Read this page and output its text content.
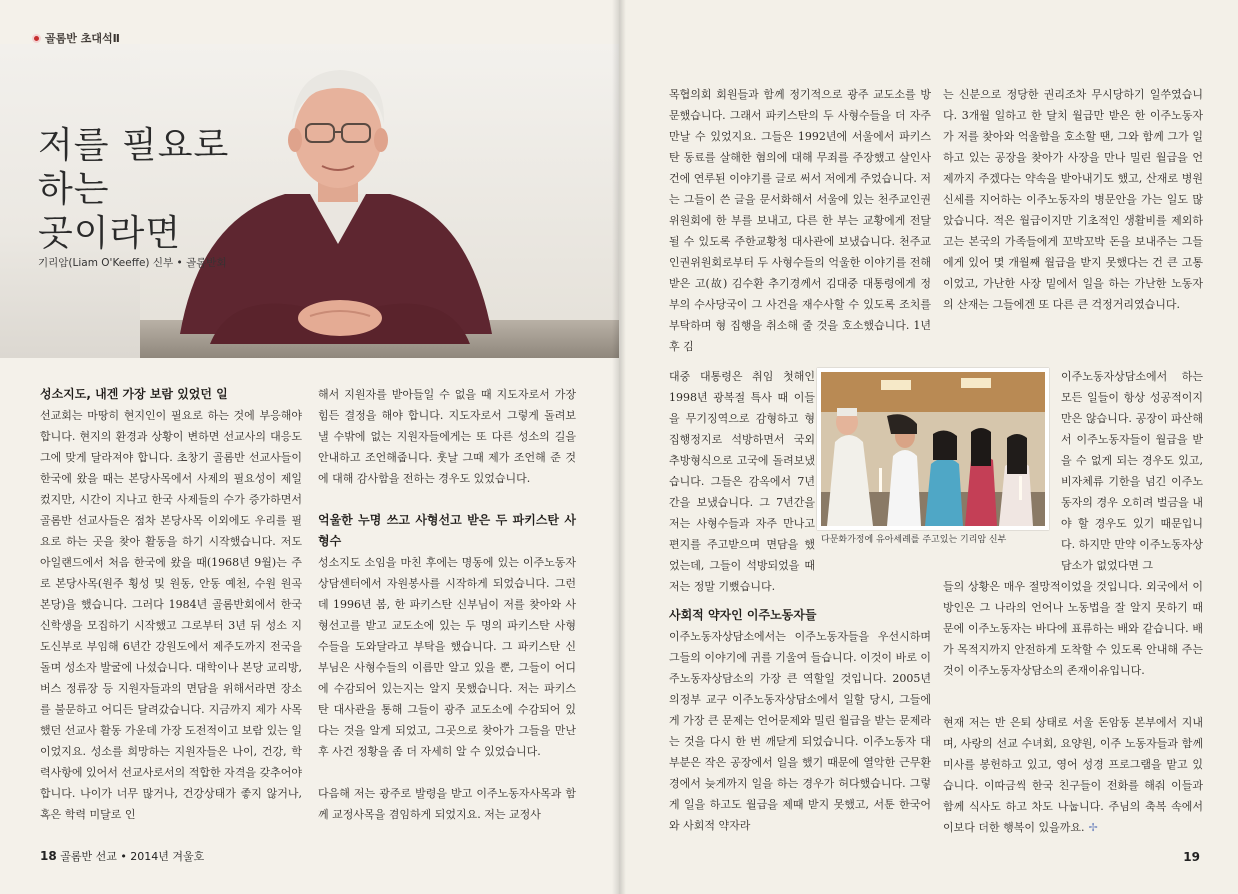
저를 필요로
하는
곳이라면
기리암(Liam O'Keeffe) 신부 • 골롬반회
골롬반 초대석Ⅱ
성소지도, 내겐 가장 보람 있었던 일

선교회는 마땅히 현지인이 필요로 하는 것에 부응해야 합니다. 현지의 환경과 상황이 변하면 선교사의 대응도 그에 맞게 달라져야 합니다. 초창기 골롬반 선교사들이 한국에 왔을 때는 본당사목에서 사제의 필요성이 제일 컸지만, 시간이 지나고 한국 사제들의 수가 증가하면서 골롬반 선교사들은 점차 본당사목 이외에도 우리를 필요로 하는 곳을 찾아 활동을 하기 시작했습니다. 저도 아일랜드에서 처음 한국에 왔을 때(1968년 9월)는 주로 본당사목(원주 횡성 및 원동, 안동 예천, 수원 원곡본당)을 했습니다. 그러다 1984년 골롬반회에서 한국 신학생을 모집하기 시작했고 그로부터 3년 뒤 성소 지도신부로 부임해 6년간 강원도에서 제주도까지 전국을 돌며 성소자 발굴에 나섰습니다. 대학이나 본당 교리방, 버스 정류장 등 지원자들과의 면담을 위해서라면 장소를 불문하고 어디든 달려갔습니다. 지금까지 제가 사목했던 선교사 활동 가운데 가장 도전적이고 보람 있는 일이었지요. 성소를 희망하는 지원자들은 나이, 건강, 학력사항에 있어서 선교사로서의 적합한 자격을 갖추어야 합니다. 나이가 너무 많거나, 건강상태가 좋지 않거나, 혹은 학력 미달로 인

해서 지원자를 받아들일 수 없을 때 지도자로서 가장 힘든 결정을 해야 합니다. 지도자로서 그렇게 돌려보낼 수밖에 없는 지원자들에게는 또 다른 성소의 길을 안내하고 조언해줍니다. 훗날 그때 제가 조언해 준 것에 대해 감사함을 전하는 경우도 있었습니다.

억울한 누명 쓰고 사형선고 받은 두 파키스탄 사형수

성소지도 소임을 마친 후에는 명동에 있는 이주노동자 상담센터에서 자원봉사를 시작하게 되었습니다. 그런데 1996년 봄, 한 파키스탄 신부님이 저를 찾아와 사형선고를 받고 교도소에 있는 두 명의 파키스탄 사형수들을 도와달라고 부탁을 했습니다. 그 파키스탄 신부님은 사형수들의 이름만 알고 있을 뿐, 그들이 어디에 수감되어 있는지는 알지 못했습니다. 저는 파키스탄 대사관을 통해 그들이 광주 교도소에 수감되어 있다는 것을 알게 되었고, 그곳으로 찾아가 그들을 만난 후 사건 정황을 좀 더 자세히 알 수 있었습니다.

다음해 저는 광주로 발령을 받고 이주노동자사목과 함께 교정사목을 겸임하게 되었지요. 저는 교정사

18 골롬반 선교 • 2014년 겨울호

목협의회 회원들과 함께 정기적으로 광주 교도소를 방문했습니다. 그래서 파키스탄의 두 사형수들을 더 자주 만날 수 있었지요. 그들은 1992년에 서울에서 파키스탄 동료를 살해한 혐의에 대해 무죄를 주장했고 살인사건에 연루된 이야기를 글로 써서 저에게 주었습니다. 저는 그들이 쓴 글을 문서화해서 서울에 있는 천주교인권위원회에 한 부를 보내고, 다른 한 부는 교황에게 전달될 수 있도록 주한교황청 대사관에 보냈습니다. 천주교 인권위원회로부터 두 사형수들의 억울한 이야기를 전해 받은 고(故) 김수환 추기경께서 김대중 대통령에게 정부의 수사당국이 그 사건을 재수사할 수 있도록 조치를 부탁하며 형 집행을 취소해 줄 것을 호소했습니다. 1년 후 김

대중 대통령은 취임 첫해인 1998년 광복절 특사 때 이들을 무기징역으로 감형하고 형 집행정지로 석방하면서 국외 추방형식으로 고국에 돌려보냈습니다. 그들은 감옥에서 7년간을 보냈습니다. 그 7년간을 저는 사형수들과 자주 만나고 편지를 주고받으며 면담을 했었는데, 그들이 석방되었을 때 저는 정말 기뻤습니다.

사회적 약자인 이주노동자들

이주노동자상담소에서는 이주노동자들을 우선시하며 그들의 이야기에 귀를 기울여 들습니다. 이것이 바로 이주노동자상담소의 가장 큰 역할일 것입니다. 2005년 의정부 교구 이주노동자상담소에서 일할 당시, 그들에게 가장 큰 문제는 언어문제와 밀린 월급을 받는 문제라는 것을 다시 한 번 깨닫게 되었습니다. 이주노동자 대부분은 작은 공장에서 일을 했기 때문에 열악한 근무환경에서 늦게까지 일을 하는 경우가 허다했습니다. 그렇게 일을 하고도 월급을 제때 받지 못했고, 서툰 한국어와 사회적 약자라

는 신분으로 정당한 권리조차 무시당하기 일쑤였습니다. 3개월 일하고 한 달치 월급만 받은 한 이주노동자가 저를 찾아와 억울함을 호소할 땐, 그와 함께 그가 일하고 있는 공장을 찾아가 사장을 만나 밀린 월급을 언제까지 주겠다는 약속을 받아내기도 했고, 산재로 병원신세를 지어하는 이주노동자의 병문안을 가는 일도 많았습니다. 적은 월급이지만 기초적인 생활비를 제외하고는 본국의 가족들에게 꼬박꼬박 돈을 보내주는 그들에게 있어 몇 개월째 월급을 받지 못했다는 건 큰 고통이었고, 가난한 사장 밑에서 일을 하는 가난한 노동자의 산재는 그들에겐 또 다른 큰 걱정거리였습니다.

이주노동자상담소에서 하는 모든 일들이 항상 성공적이지만은 않습니다. 공장이 파산해서 이주노동자들이 월급을 받을 수 없게 되는 경우도 있고, 비자체류 기한을 넘긴 이주노동자의 경우 오히려 벌금을 내야 할 경우도 있기 때문입니다. 하지만 만약 이주노동자상담소가 없었다면 그

들의 상황은 매우 절망적이었을 것입니다. 외국에서 이방인은 그 나라의 언어나 노동법을 잘 알지 못하기 때문에 이주노동자는 바다에 표류하는 배와 같습니다. 배가 목적지까지 안전하게 도착할 수 있도록 안내해 주는 것이 이주노동자상담소의 존재이유입니다.

현재 저는 반 은퇴 상태로 서울 돈암동 본부에서 지내며, 사랑의 선교 수녀회, 요양원, 이주 노동자들과 함께 미사를 봉헌하고 있고, 영어 성경 프로그램을 맡고 있습니다. 이따금씩 한국 친구들이 전화를 해줘 이들과 함께 식사도 하고 차도 나눕니다. 주님의 축복 속에서 이보다 더한 행복이 있을까요. ✢

다문화가정에 유아세례를 주고있는 기리암 신부
19
